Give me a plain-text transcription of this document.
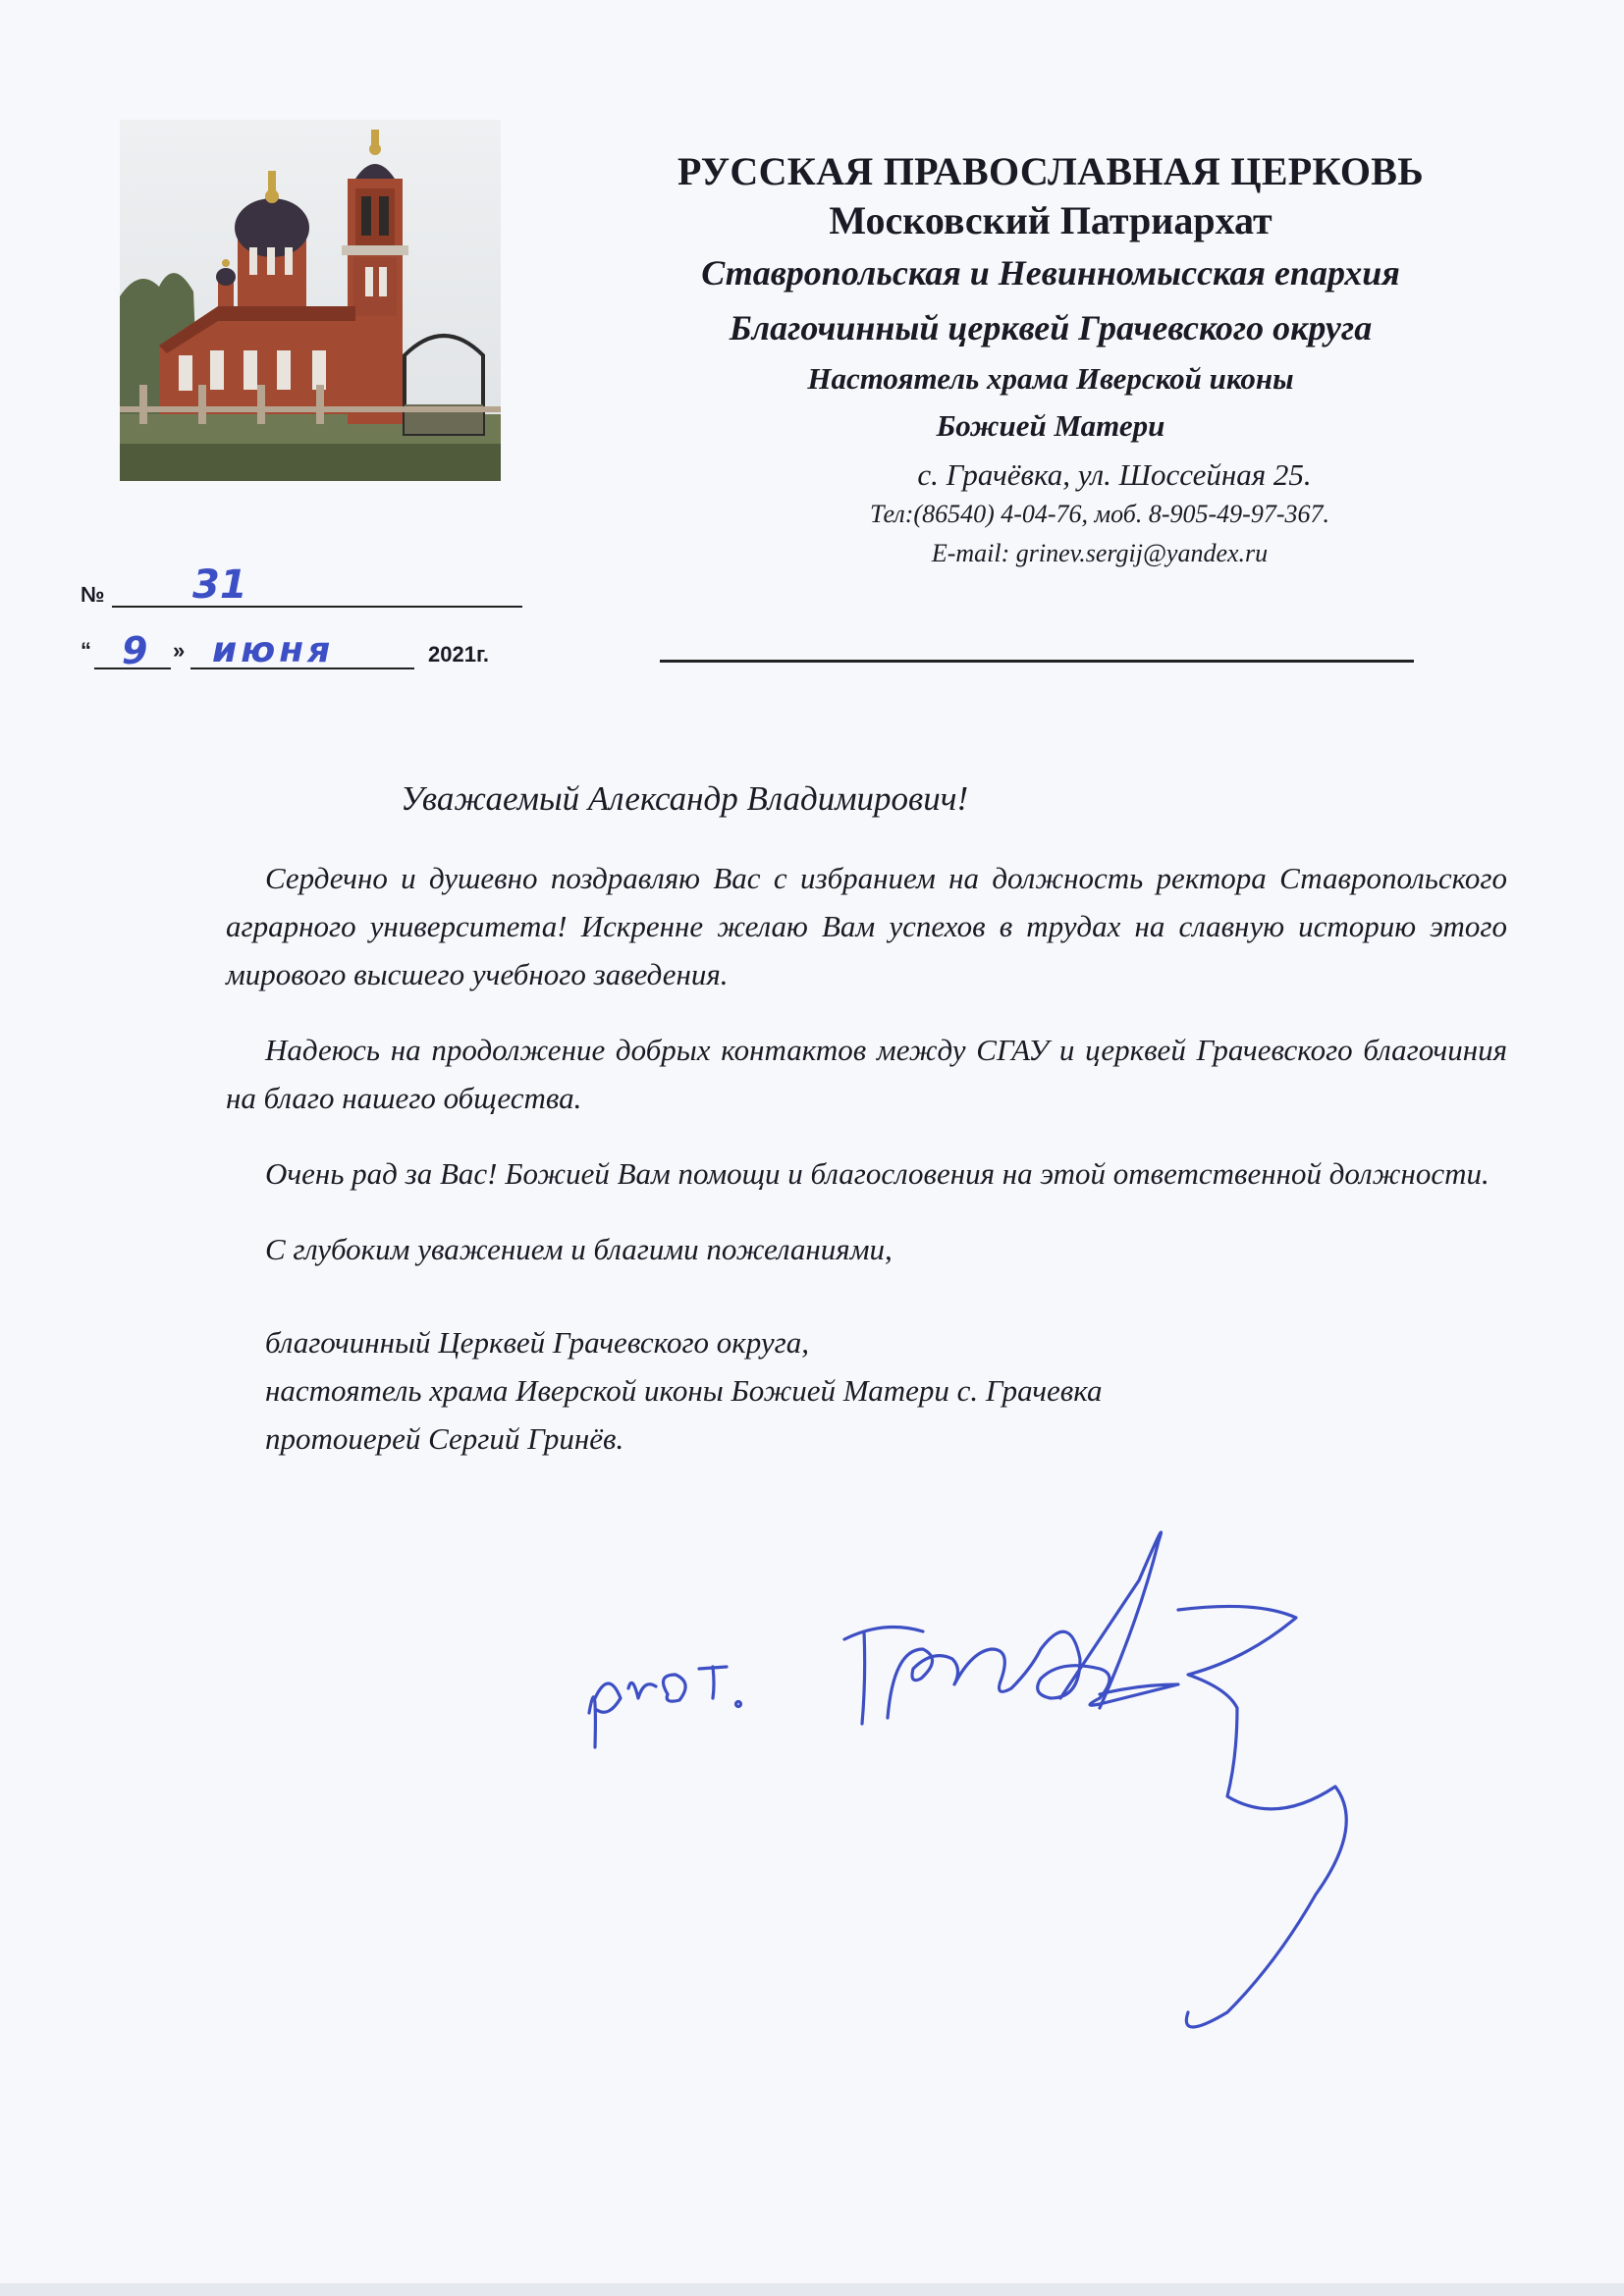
РУССКАЯ ПРАВОСЛАВНАЯ ЦЕРКОВЬ
Московский Патриархат
Ставропольская и Невинномысская епархия
Благочинный церквей Грачевского округа
Настоятель храма Иверской иконы
Божией Матери
с. Грачёвка, ул. Шоссейная 25.
Тел:(86540) 4-04-76, моб. 8-905-49-97-367.
E-mail: grinev.sergij@yandex.ru
№ 31
“ 9 » июня	2021г.
Уважаемый Александр Владимирович!

Сердечно и душевно поздравляю Вас с избранием на должность ректора Ставропольского аграрного университета! Искренне желаю Вам успехов в трудах на славную историю этого мирового высшего учебного заведения.

Надеюсь на продолжение добрых контактов между СГАУ и церквей Грачевского благочиния на благо нашего общества.

Очень рад за Вас! Божией Вам помощи и благословения на этой ответственной должности.

С глубоким уважением и благими пожеланиями,
благочинный Церквей Грачевского округа,
настоятель храма Иверской иконы Божией Матери с. Грачевка
протоиерей Сергий Гринёв.
